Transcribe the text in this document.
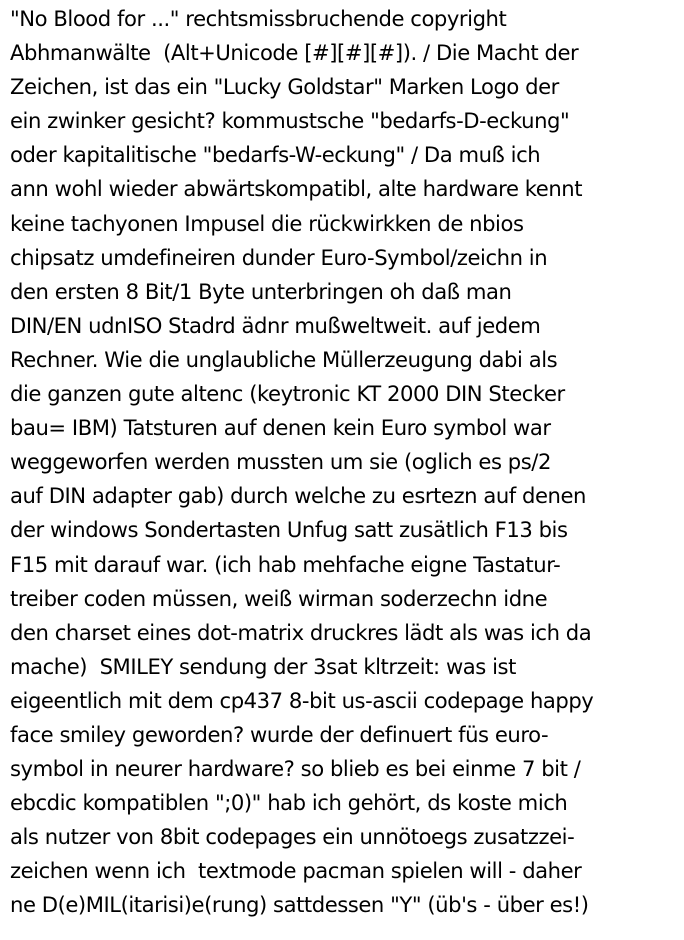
"No Blood for ..." rechtsmissbruchende copyright
Abhmanwälte  (Alt+Unicode [#][#][#]). / Die Macht der
Zeichen, ist das ein "Lucky Goldstar" Marken Logo der
ein zwinker gesicht? kommustsche "bedarfs-D-eckung"
oder kapitalitische "bedarfs-W-eckung" / Da muß ich
ann wohl wieder abwärtskompatibl, alte hardware kennt
keine tachyonen Impusel die rückwirkken de nbios
chipsatz umdefineiren dunder Euro-Symbol/zeichn in
den ersten 8 Bit/1 Byte unterbringen oh daß man
DIN/EN udnISO Stadrd ädnr mußweltweit. auf jedem
Rechner. Wie die unglaubliche Müllerzeugung dabi als
die ganzen gute altenc (keytronic KT 2000 DIN Stecker
bau= IBM) Tatsturen auf denen kein Euro symbol war
weggeworfen werden mussten um sie (oglich es ps/2
auf DIN adapter gab) durch welche zu esrtezn auf denen
der windows Sondertasten Unfug satt zusätlich F13 bis
F15 mit darauf war. (ich hab mehfache eigne Tastatur-
treiber coden müssen, weiß wirman soderzechn idne
den charset eines dot-matrix druckres lädt als was ich da
mache)  SMILEY sendung der 3sat kltrzeit: was ist
eigeentlich mit dem cp437 8-bit us-ascii codepage happy
face smiley geworden? wurde der definuert füs euro-
symbol in neurer hardware? so blieb es bei einme 7 bit /
ebcdic kompatiblen ";0)" hab ich gehört, ds koste mich
als nutzer von 8bit codepages ein unnötoegs zusatzzei-
zeichen wenn ich  textmode pacman spielen will - daher
ne D(e)MIL(itarisi)e(rung) sattdessen "Y" (üb's - über es!)
